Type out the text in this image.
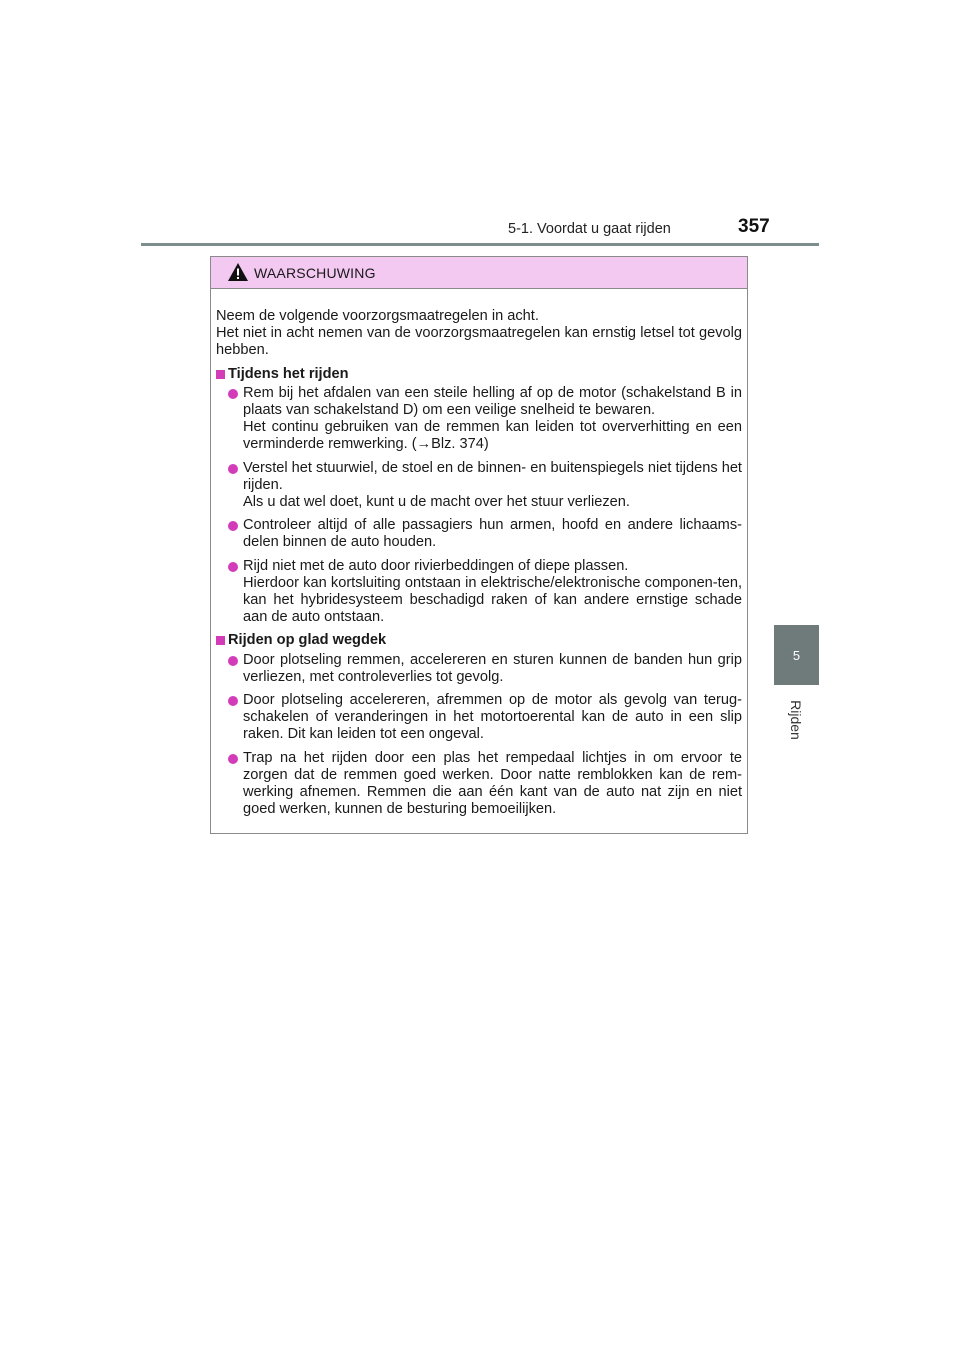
5-1. Voordat u gaat rijden	357
5
Rijden
WAARSCHUWING

Neem de volgende voorzorgsmaatregelen in acht.

Het niet in acht nemen van de voorzorgsmaatregelen kan ernstig letsel tot gevolg hebben.

Tijdens het rijden
Rem bij het afdalen van een steile helling af op de motor (schakelstand B in plaats van schakelstand D) om een veilige snelheid te bewaren.
Het continu gebruiken van de remmen kan leiden tot oververhitting en een verminderde remwerking. (→Blz. 374)
Verstel het stuurwiel, de stoel en de binnen- en buitenspiegels niet tijdens het rijden.
Als u dat wel doet, kunt u de macht over het stuur verliezen.
Controleer altijd of alle passagiers hun armen, hoofd en andere lichaams-delen binnen de auto houden.
Rijd niet met de auto door rivierbeddingen of diepe plassen.
Hierdoor kan kortsluiting ontstaan in elektrische/elektronische componen-ten, kan het hybridesysteem beschadigd raken of kan andere ernstige schade aan de auto ontstaan.
Rijden op glad wegdek
Door plotseling remmen, accelereren en sturen kunnen de banden hun grip verliezen, met controleverlies tot gevolg.
Door plotseling accelereren, afremmen op de motor als gevolg van terug-schakelen of veranderingen in het motortoerental kan de auto in een slip raken. Dit kan leiden tot een ongeval.
Trap na het rijden door een plas het rempedaal lichtjes in om ervoor te zorgen dat de remmen goed werken. Door natte remblokken kan de rem-werking afnemen. Remmen die aan één kant van de auto nat zijn en niet goed werken, kunnen de besturing bemoeilijken.
